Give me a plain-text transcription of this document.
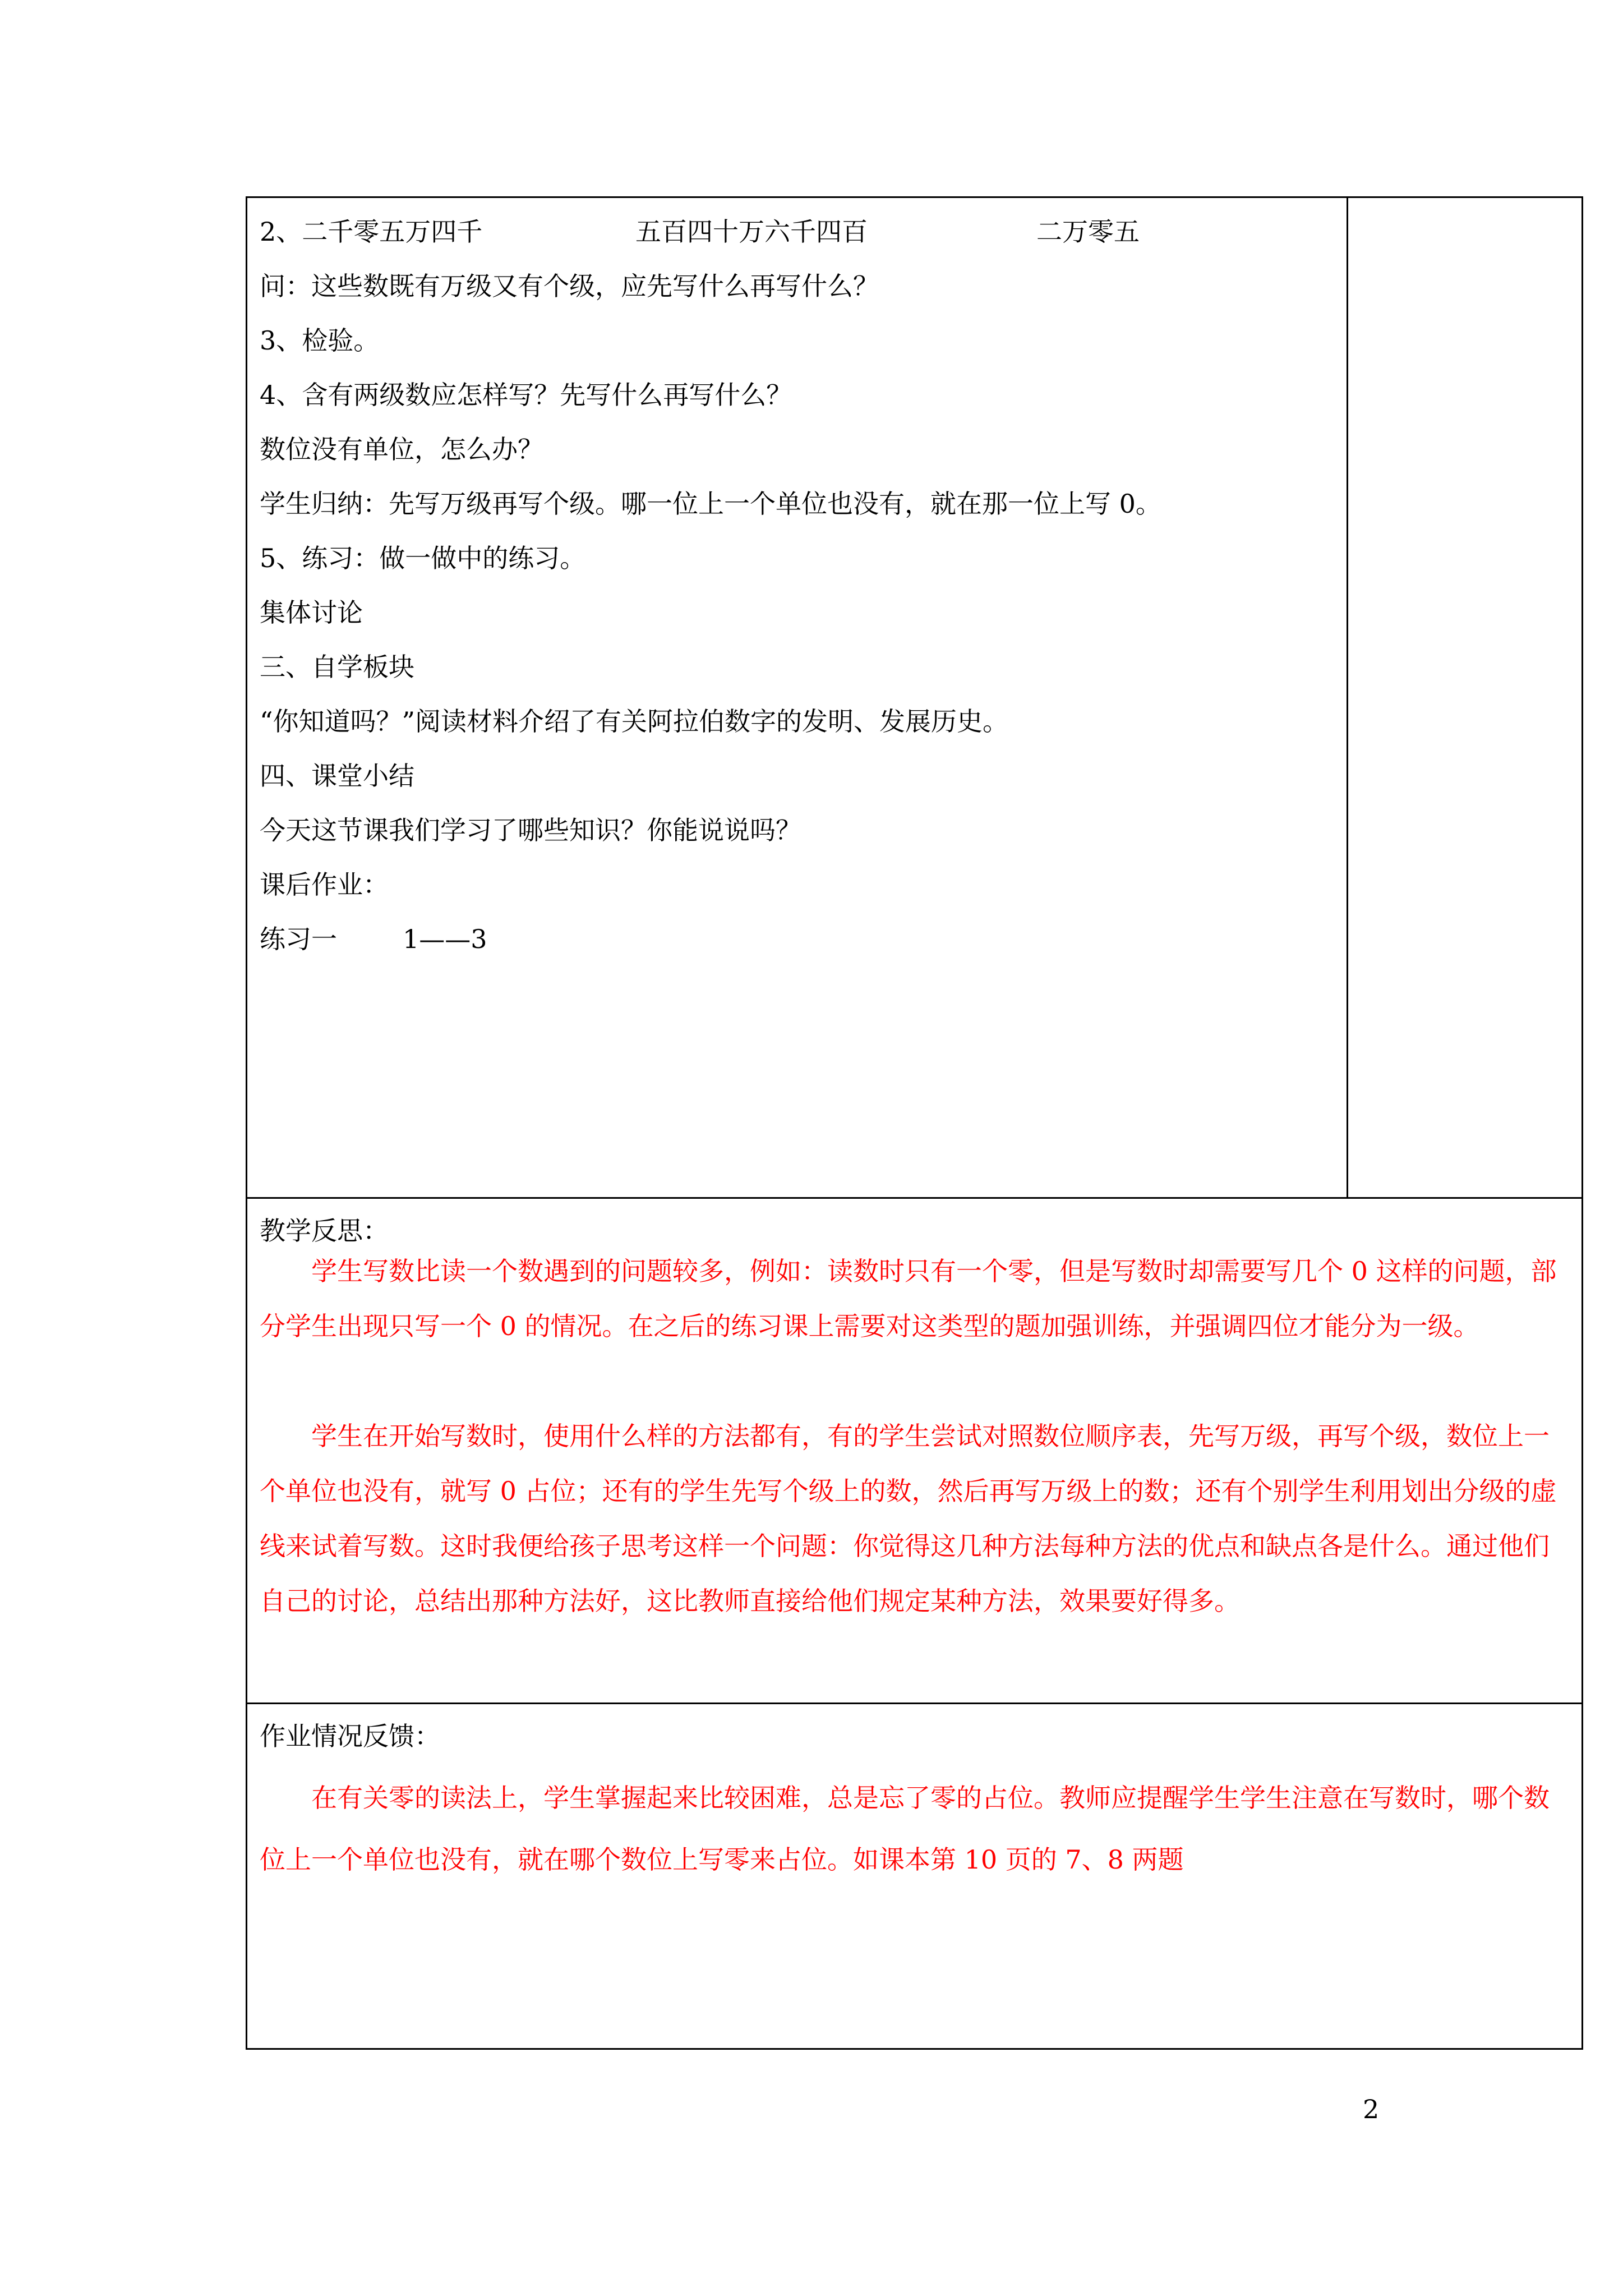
2、二千零五万四千	五百四十万六千四百	二万零五
问：这些数既有万级又有个级，应先写什么再写什么？
3、检验。
4、含有两级数应怎样写？先写什么再写什么？
数位没有单位，怎么办？
学生归纳：先写万级再写个级。哪一位上一个单位也没有，就在那一位上写 0。
5、练习：做一做中的练习。
集体讨论
三、自学板块
“你知道吗？”阅读材料介绍了有关阿拉伯数字的发明、发展历史。
四、课堂小结
今天这节课我们学习了哪些知识？你能说说吗？
课后作业：
练习一	1——3
教学反思：
学生写数比读一个数遇到的问题较多，例如：读数时只有一个零，但是写数时却需要写几个 0 这样的问题，部分学生出现只写一个 0 的情况。在之后的练习课上需要对这类型的题加强训练，并强调四位才能分为一级。
学生在开始写数时，使用什么样的方法都有，有的学生尝试对照数位顺序表，先写万级，再写个级，数位上一个单位也没有，就写 0 占位；还有的学生先写个级上的数，然后再写万级上的数；还有个别学生利用划出分级的虚线来试着写数。这时我便给孩子思考这样一个问题：你觉得这几种方法每种方法的优点和缺点各是什么。通过他们自己的讨论，总结出那种方法好，这比教师直接给他们规定某种方法，效果要好得多。
作业情况反馈：
在有关零的读法上，学生掌握起来比较困难，总是忘了零的占位。教师应提醒学生学生注意在写数时，哪个数位上一个单位也没有，就在哪个数位上写零来占位。如课本第 10 页的 7、8 两题
2
